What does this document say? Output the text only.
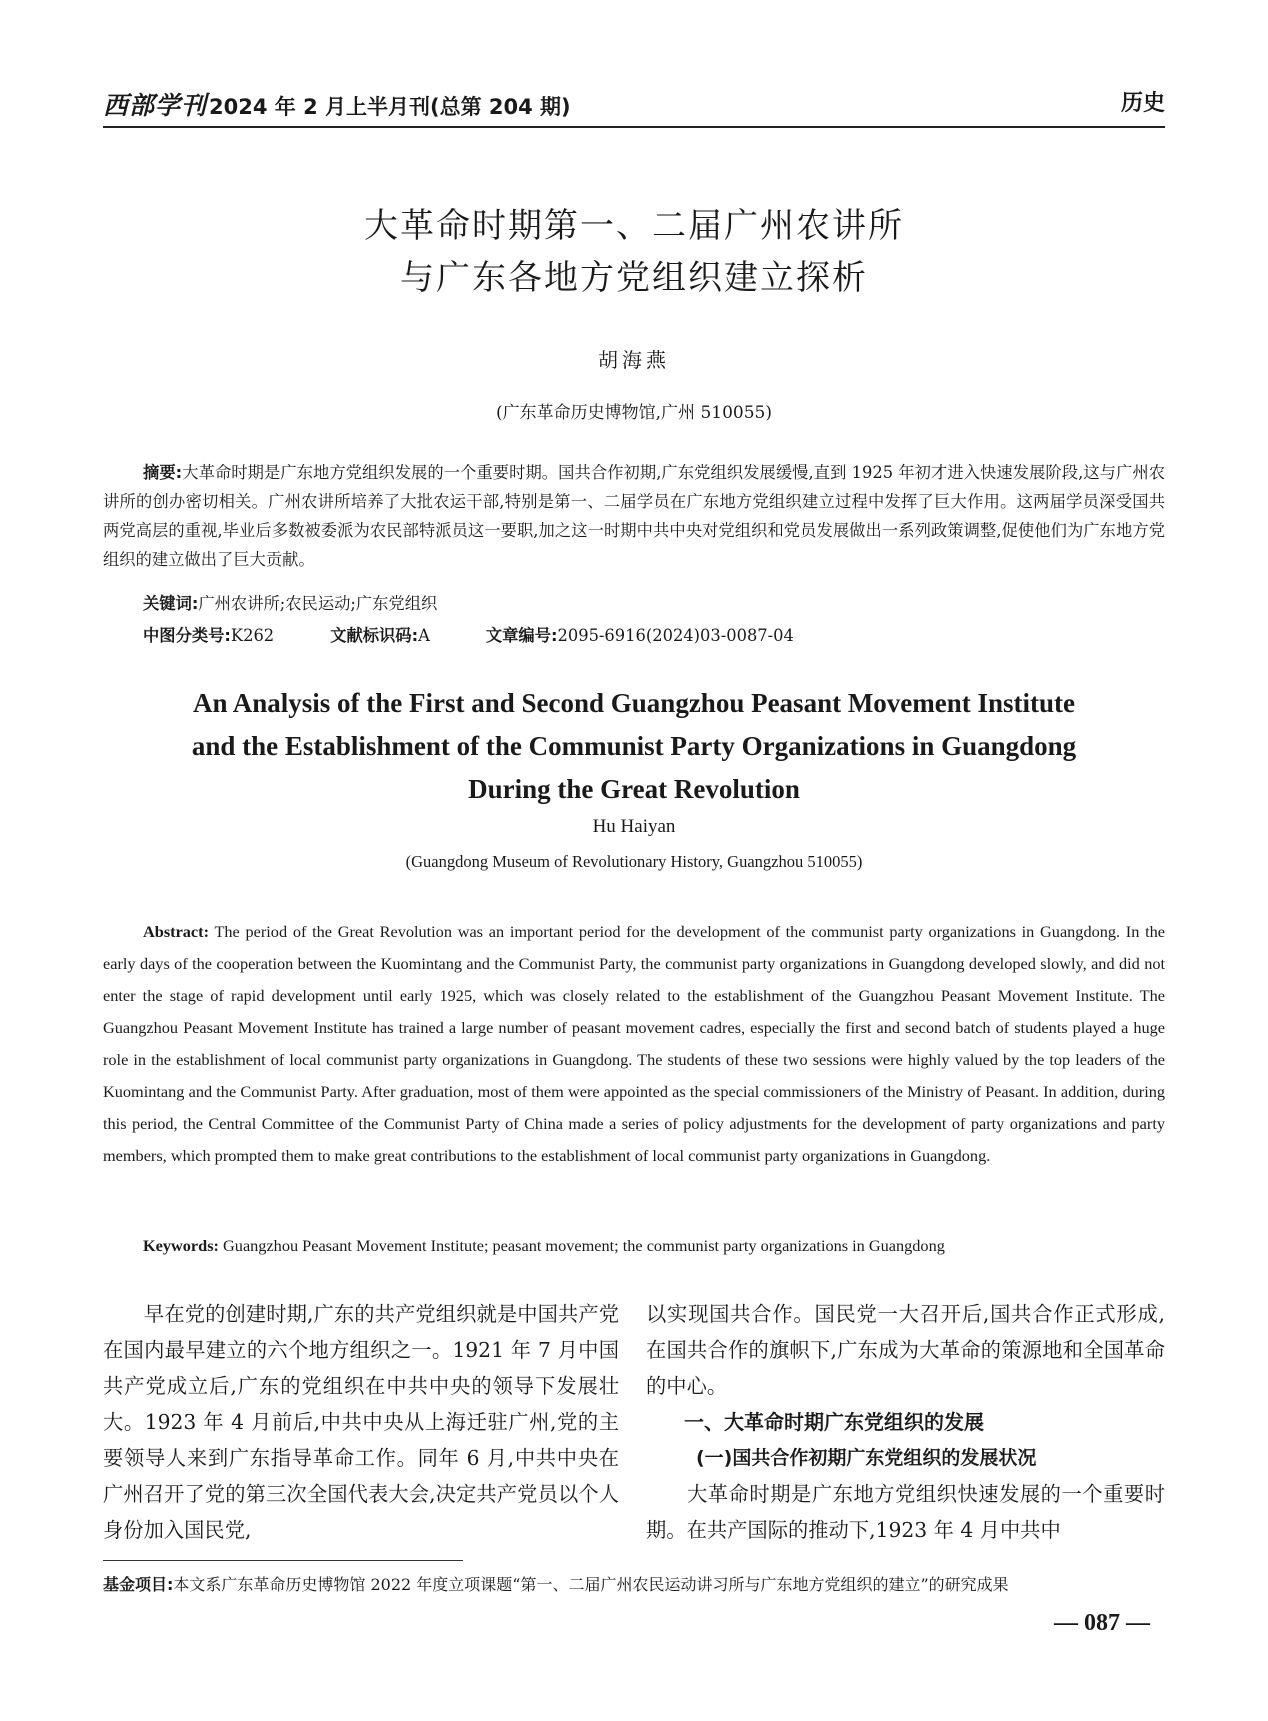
西部学刊 2024 年 2 月上半月刊(总第 204 期)	历史
大革命时期第一、二届广州农讲所
与广东各地方党组织建立探析
胡海燕
(广东革命历史博物馆,广州 510055)

摘要:大革命时期是广东地方党组织发展的一个重要时期。国共合作初期,广东党组织发展缓慢,直到 1925 年初才进入快速发展阶段,这与广州农讲所的创办密切相关。广州农讲所培养了大批农运干部,特别是第一、二届学员在广东地方党组织建立过程中发挥了巨大作用。这两届学员深受国共两党高层的重视,毕业后多数被委派为农民部特派员这一要职,加之这一时期中共中央对党组织和党员发展做出一系列政策调整,促使他们为广东地方党组织的建立做出了巨大贡献。

关键词:广州农讲所;农民运动;广东党组织
中图分类号:K262	文献标识码:A	文章编号:2095-6916(2024)03-0087-04
An Analysis of the First and Second Guangzhou Peasant Movement Institute
and the Establishment of the Communist Party Organizations in Guangdong
During the Great Revolution
Hu Haiyan
(Guangdong Museum of Revolutionary History, Guangzhou 510055)

Abstract: The period of the Great Revolution was an important period for the development of the communist party organizations in Guangdong. In the early days of the cooperation between the Kuomintang and the Communist Party, the communist party organizations in Guangdong developed slowly, and did not enter the stage of rapid development until early 1925, which was closely related to the establishment of the Guangzhou Peasant Movement Institute. The Guangzhou Peasant Movement Institute has trained a large number of peasant movement cadres, especially the first and second batch of students played a huge role in the establishment of local communist party organizations in Guangdong. The students of these two sessions were highly valued by the top leaders of the Kuomintang and the Communist Party. After graduation, most of them were appointed as the special commissioners of the Ministry of Peasant. In addition, during this period, the Central Committee of the Communist Party of China made a series of policy adjustments for the development of party organizations and party members, which prompted them to make great contributions to the establishment of local communist party organizations in Guangdong.

Keywords: Guangzhou Peasant Movement Institute; peasant movement; the communist party organizations in Guangdong

早在党的创建时期,广东的共产党组织就是中国共产党在国内最早建立的六个地方组织之一。1921 年 7 月中国共产党成立后,广东的党组织在中共中央的领导下发展壮大。1923 年 4 月前后,中共中央从上海迁驻广州,党的主要领导人来到广东指导革命工作。同年 6 月,中共中央在广州召开了党的第三次全国代表大会,决定共产党员以个人身份加入国民党,

以实现国共合作。国民党一大召开后,国共合作正式形成,在国共合作的旗帜下,广东成为大革命的策源地和全国革命的中心。

一、大革命时期广东党组织的发展
(一)国共合作初期广东党组织的发展状况

大革命时期是广东地方党组织快速发展的一个重要时期。在共产国际的推动下,1923 年 4 月中共中

基金项目:本文系广东革命历史博物馆 2022 年度立项课题“第一、二届广州农民运动讲习所与广东地方党组织的建立”的研究成果
— 087 —
